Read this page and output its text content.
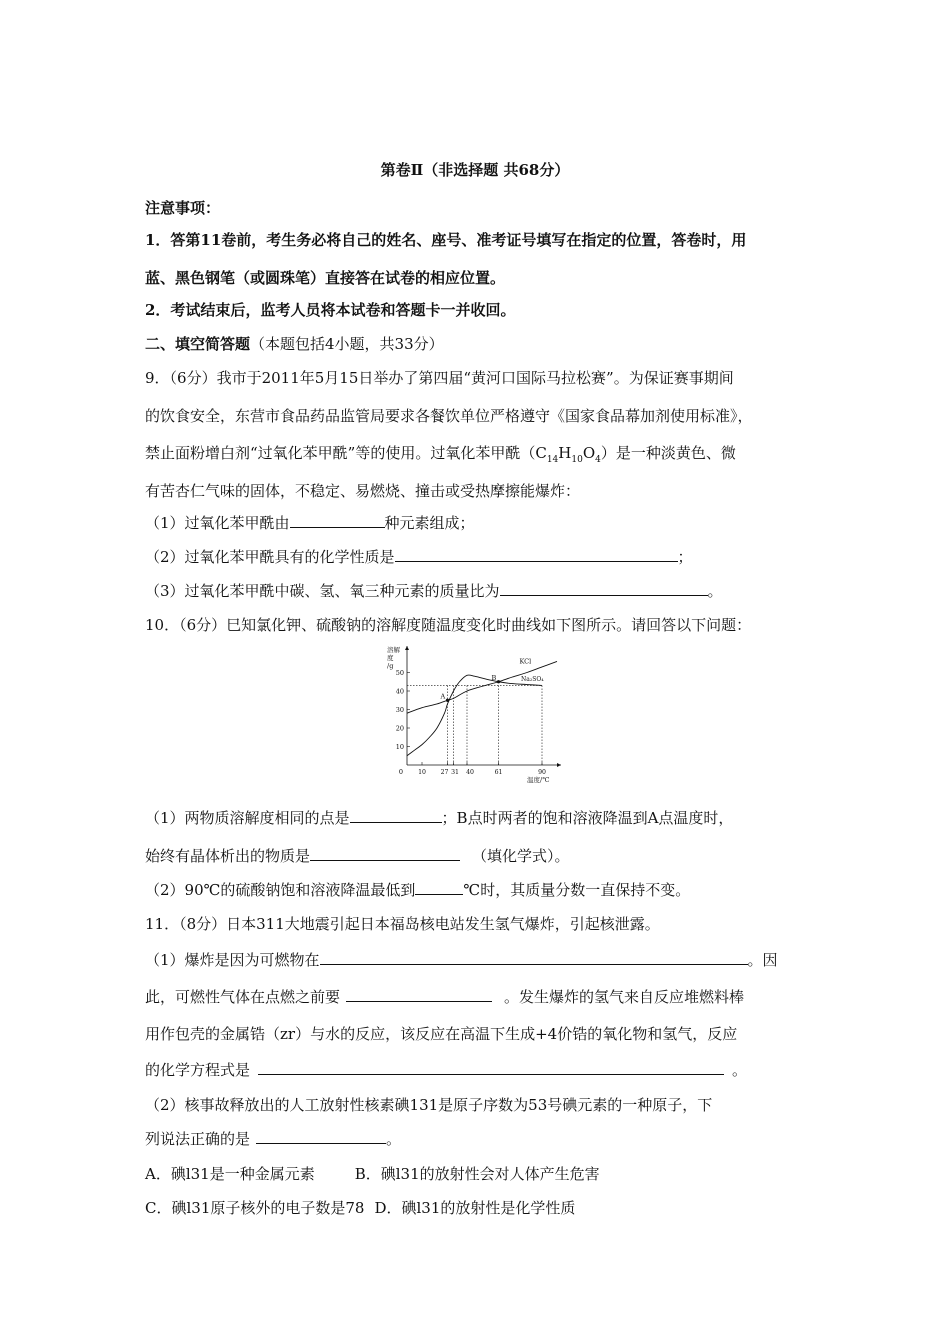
第卷Ⅱ（非选择题 共68分）
注意事项：
1．答第11卷前，考生务必将自己的姓名、座号、准考证号填写在指定的位置，答卷时，用
蓝、黑色钢笔（或圆珠笔）直接答在试卷的相应位置。
2．考试结束后，监考人员将本试卷和答题卡一并收回。
二、填空简答题（本题包括4小题，共33分）
9．（6分）我市于2011年5月15日举办了第四届“黄河口国际马拉松赛”。为保证赛事期间
的饮食安全，东营市食品药品监管局要求各餐饮单位严格遵守《国家食品幕加剂使用标准》，
禁止面粉增白剂“过氧化苯甲酰”等的使用。过氧化苯甲酰$(C_{14}H_{10}O_4)$是一种淡黄色、微
有苦杏仁气味的固体，不稳定、易燃烧、撞击或受热摩擦能爆炸：
（1）过氧化苯甲酰由	种元素组成；
（2）过氧化苯甲酰具有的化学性质是	；
（3）过氧化苯甲酰中碳、氢、氧三种元素的质量比为	。
10．（6分）巳知氯化钾、硫酸钠的溶解度随温度变化时曲线如下图所示。请回答以下问题：
溶解
度
/g
温度/℃
0
10
20
30
40
50
10 27 31 40	61	90
KCl
Na₂SO₄
A
B
（1）两物质溶解度相同的点是	；B点时两者的饱和溶液降温到A点温度时，
始终有晶体析出的物质是	（填化学式）。
（2）90℃的硫酸钠饱和溶液降温最低到	℃时，其质量分数一直保持不变。
11．（8分）日本311大地震引起日本福岛核电站发生氢气爆炸，引起核泄露。
（1）爆炸是因为可燃物在	。因
此，可燃性气体在点燃之前要	。发生爆炸的氢气来自反应堆燃料棒
用作包壳的金属锆（zr）与水的反应，该反应在高温下生成+4价锆的氧化物和氢气，反应
的化学方程式是	。
（2）核事故释放出的人工放射性核素碘131是原子序数为53号碘元素的一种原子，下
列说法正确的是	。
A．碘l31是一种金属元素	B．碘l31的放射性会对人体产生危害
C．碘l31原子核外的电子数是78 D．碘l31的放射性是化学性质
